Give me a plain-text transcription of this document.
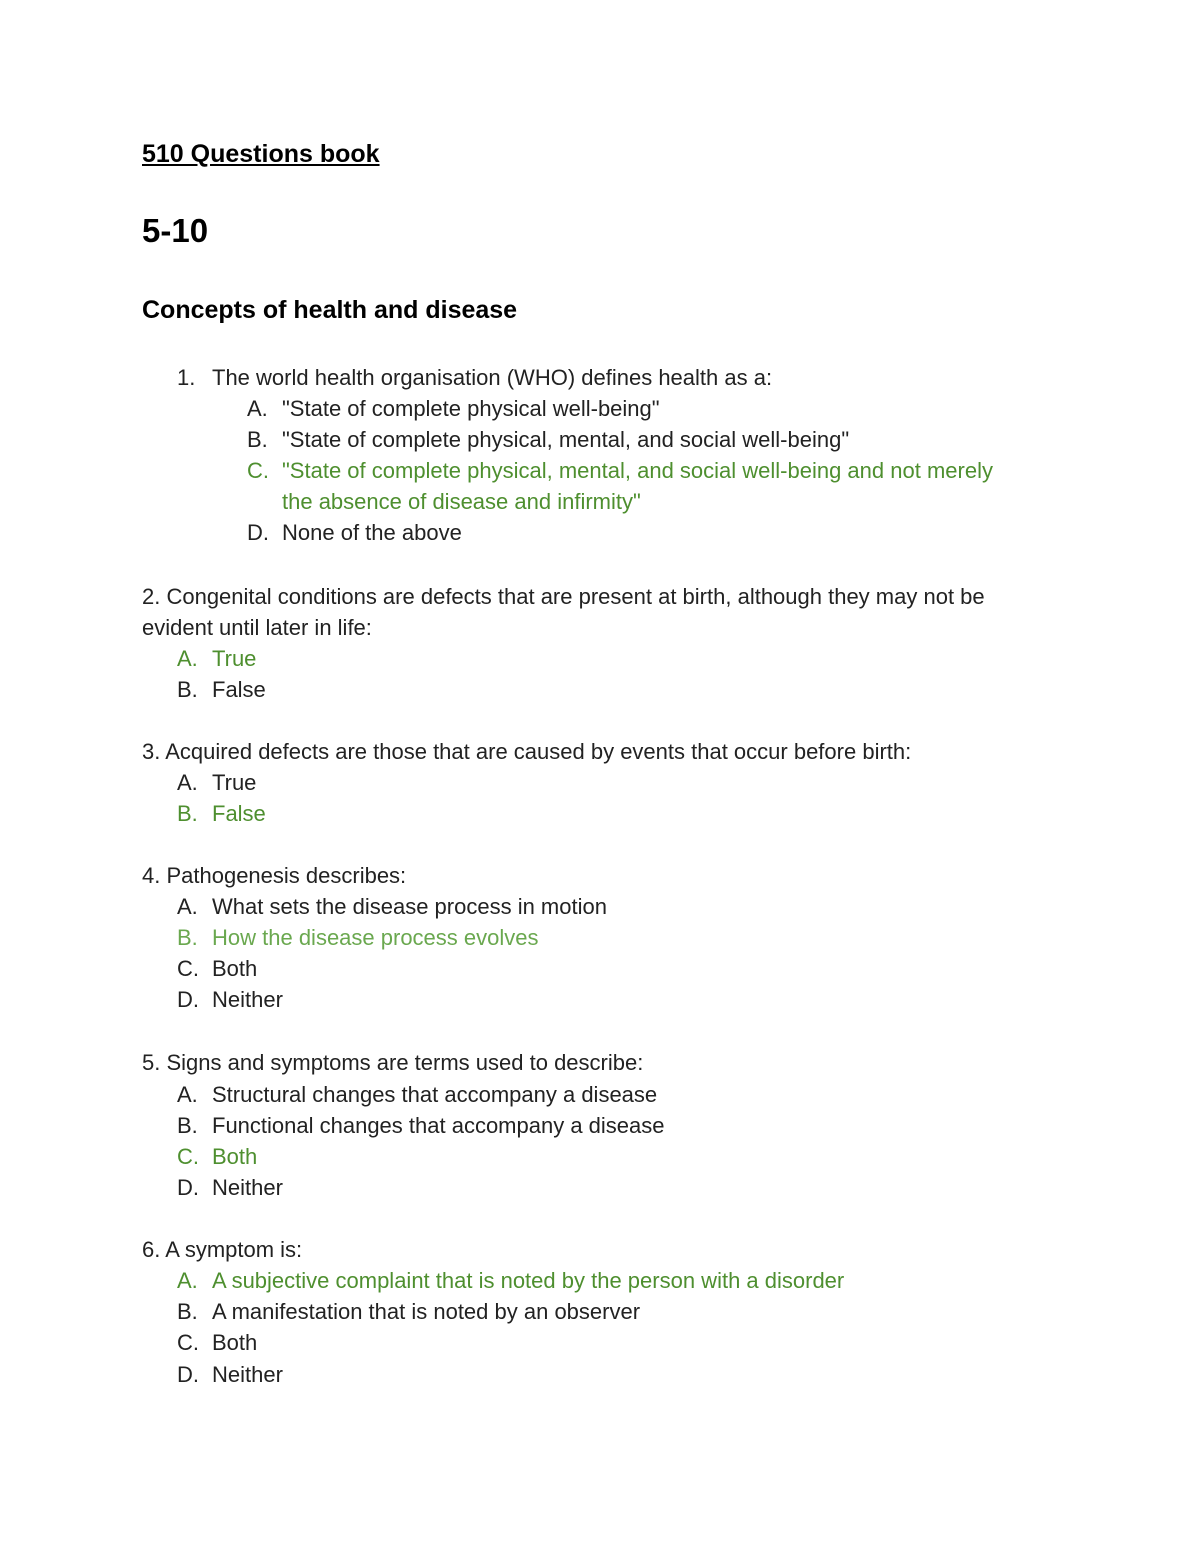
510 Questions book
5-10
Concepts of health and disease
1. The world health organisation (WHO) defines health as a:
A. "State of complete physical well-being"
B. "State of complete physical, mental, and social well-being"
C. "State of complete physical, mental, and social well-being and not merely
the absence of disease and infirmity"
D. None of the above
2. Congenital conditions are defects that are present at birth, although they may not be
evident until later in life:
A. True
B. False
3. Acquired defects are those that are caused by events that occur before birth:
A. True
B. False
4. Pathogenesis describes:
A. What sets the disease process in motion
B. How the disease process evolves
C. Both
D. Neither
5. Signs and symptoms are terms used to describe:
A. Structural changes that accompany a disease
B. Functional changes that accompany a disease
C. Both
D. Neither
6. A symptom is:
A. A subjective complaint that is noted by the person with a disorder
B. A manifestation that is noted by an observer
C. Both
D. Neither
